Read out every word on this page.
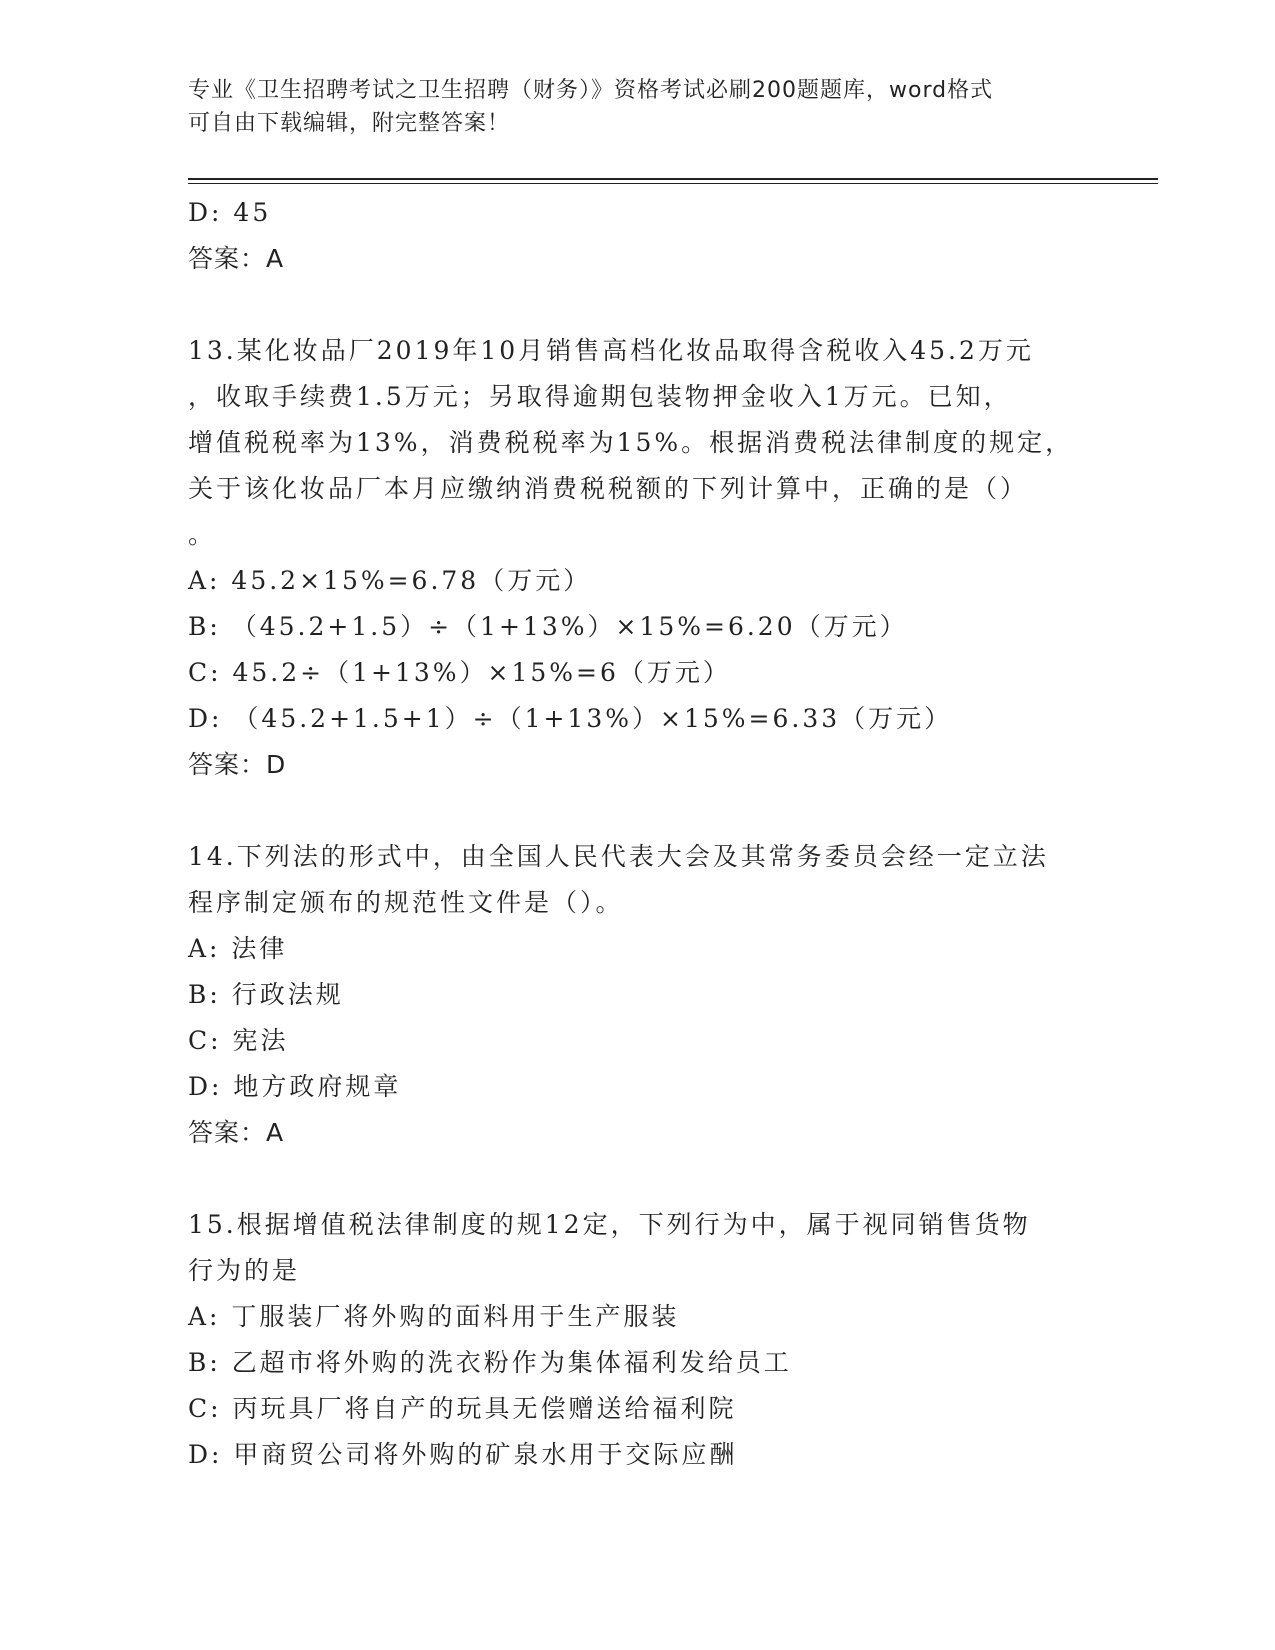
专业《卫生招聘考试之卫生招聘（财务）》资格考试必刷200题题库，word格式
可自由下载编辑，附完整答案！
D: 45
答案：A
13.某化妆品厂2019年10月销售高档化妆品取得含税收入45.2万元
，收取手续费1.5万元；另取得逾期包装物押金收入1万元。已知，
增值税税率为13%，消费税税率为15%。根据消费税法律制度的规定，
关于该化妆品厂本月应缴纳消费税税额的下列计算中，正确的是（）
。
A: 45.2×15%=6.78（万元）
B: （45.2+1.5）÷（1+13%）×15%=6.20（万元）
C: 45.2÷（1+13%）×15%=6（万元）
D: （45.2+1.5+1）÷（1+13%）×15%=6.33（万元）
答案：D
14.下列法的形式中，由全国人民代表大会及其常务委员会经一定立法
程序制定颁布的规范性文件是（）。
A: 法律
B: 行政法规
C: 宪法
D: 地方政府规章
答案：A
15.根据增值税法律制度的规12定，下列行为中，属于视同销售货物
行为的是
A: 丁服装厂将外购的面料用于生产服装
B: 乙超市将外购的洗衣粉作为集体福利发给员工
C: 丙玩具厂将自产的玩具无偿赠送给福利院
D: 甲商贸公司将外购的矿泉水用于交际应酬
